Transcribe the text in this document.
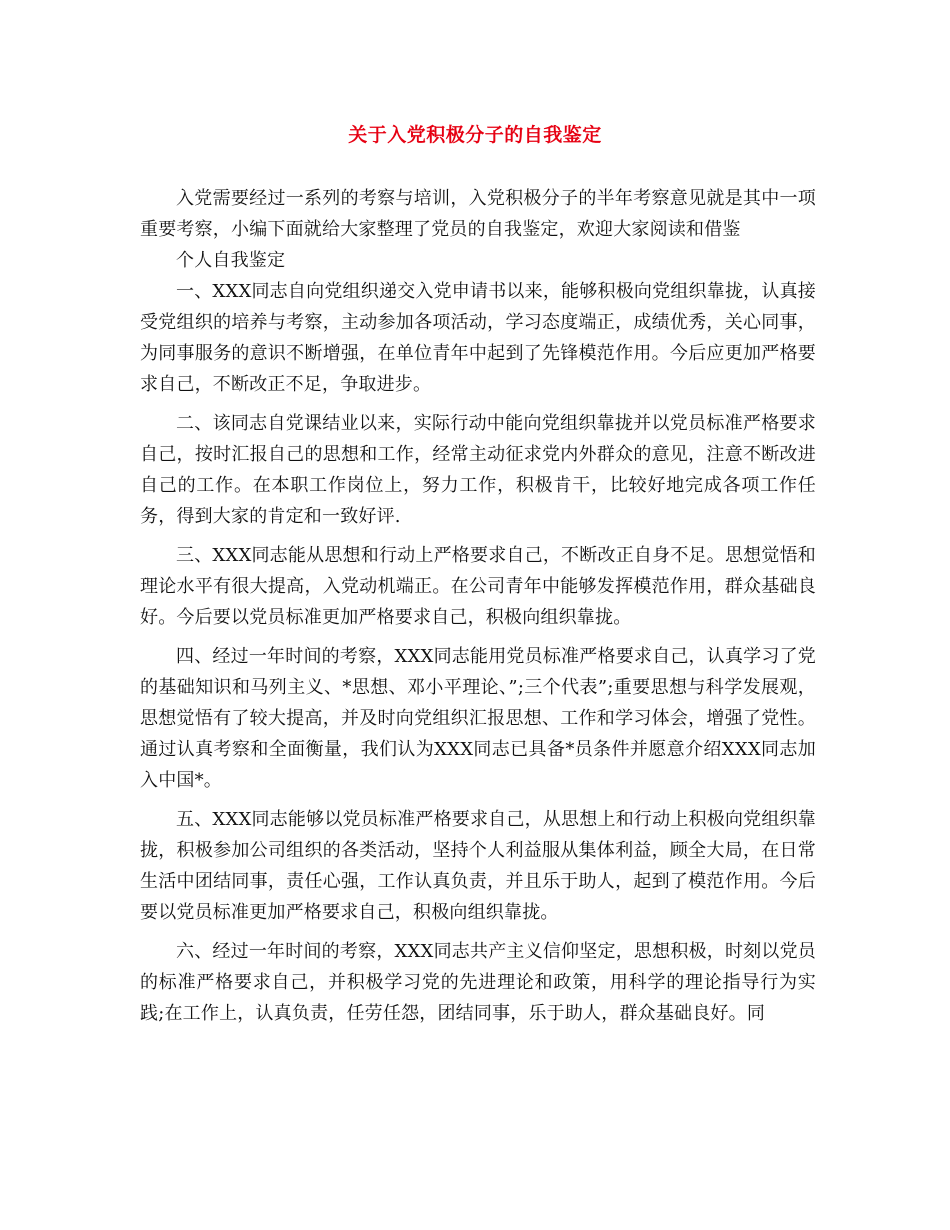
关于入党积极分子的自我鉴定

入党需要经过一系列的考察与培训，入党积极分子的半年考察意见就是其中一项重要考察，小编下面就给大家整理了党员的自我鉴定，欢迎大家阅读和借鉴

个人自我鉴定

一、XXX同志自向党组织递交入党申请书以来，能够积极向党组织靠拢，认真接受党组织的培养与考察，主动参加各项活动，学习态度端正，成绩优秀，关心同事，为同事服务的意识不断增强，在单位青年中起到了先锋模范作用。今后应更加严格要求自己，不断改正不足，争取进步。

二、该同志自党课结业以来，实际行动中能向党组织靠拢并以党员标准严格要求自己，按时汇报自己的思想和工作，经常主动征求党内外群众的意见，注意不断改进自己的工作。在本职工作岗位上，努力工作，积极肯干，比较好地完成各项工作任务，得到大家的肯定和一致好评.

三、XXX同志能从思想和行动上严格要求自己，不断改正自身不足。思想觉悟和理论水平有很大提高，入党动机端正。在公司青年中能够发挥模范作用，群众基础良好。今后要以党员标准更加严格要求自己，积极向组织靠拢。

四、经过一年时间的考察，XXX同志能用党员标准严格要求自己，认真学习了党的基础知识和马列主义、*思想、邓小平理论、”;三个代表”;重要思想与科学发展观，思想觉悟有了较大提高，并及时向党组织汇报思想、工作和学习体会，增强了党性。通过认真考察和全面衡量，我们认为XXX同志已具备*员条件并愿意介绍XXX同志加入中国*。

五、XXX同志能够以党员标准严格要求自己，从思想上和行动上积极向党组织靠拢，积极参加公司组织的各类活动，坚持个人利益服从集体利益，顾全大局，在日常生活中团结同事，责任心强，工作认真负责，并且乐于助人，起到了模范作用。今后要以党员标准更加严格要求自己，积极向组织靠拢。

六、经过一年时间的考察，XXX同志共产主义信仰坚定，思想积极，时刻以党员的标准严格要求自己，并积极学习党的先进理论和政策，用科学的理论指导行为实践;在工作上，认真负责，任劳任怨，团结同事，乐于助人，群众基础良好。同
